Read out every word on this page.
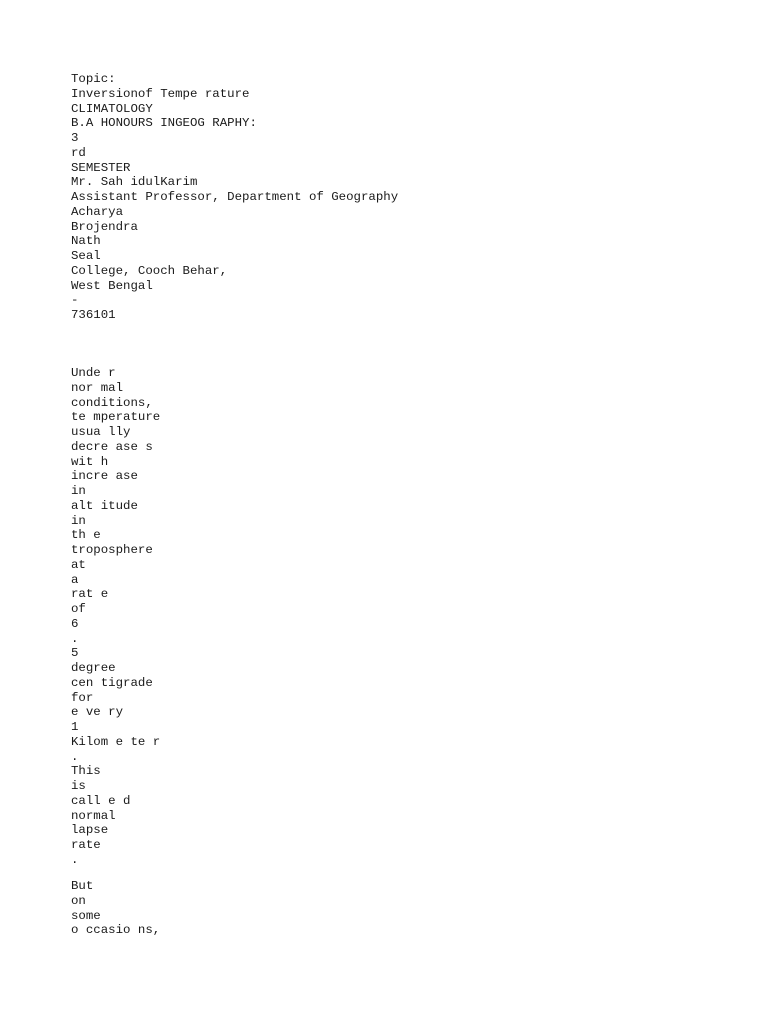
Topic:
Inversionof Tempe rature
CLIMATOLOGY
B.A HONOURS INGEOG RAPHY:
3
rd
SEMESTER
Mr. Sah idulKarim
Assistant Professor, Department of Geography
Acharya
Brojendra
Nath
Seal
College, Cooch Behar,
West Bengal
-
736101
Unde r
nor mal
conditions,
te mperature
usua lly
decre ase s
wit h
incre ase
in
alt itude
in
th e
troposphere
at
a
rat e
of
6
.
5
degree
cen tigrade
for
e ve ry
1
Kilom e te r
.
This
is
call e d
normal
lapse
rate
.
But
on
some
o ccasio ns,
